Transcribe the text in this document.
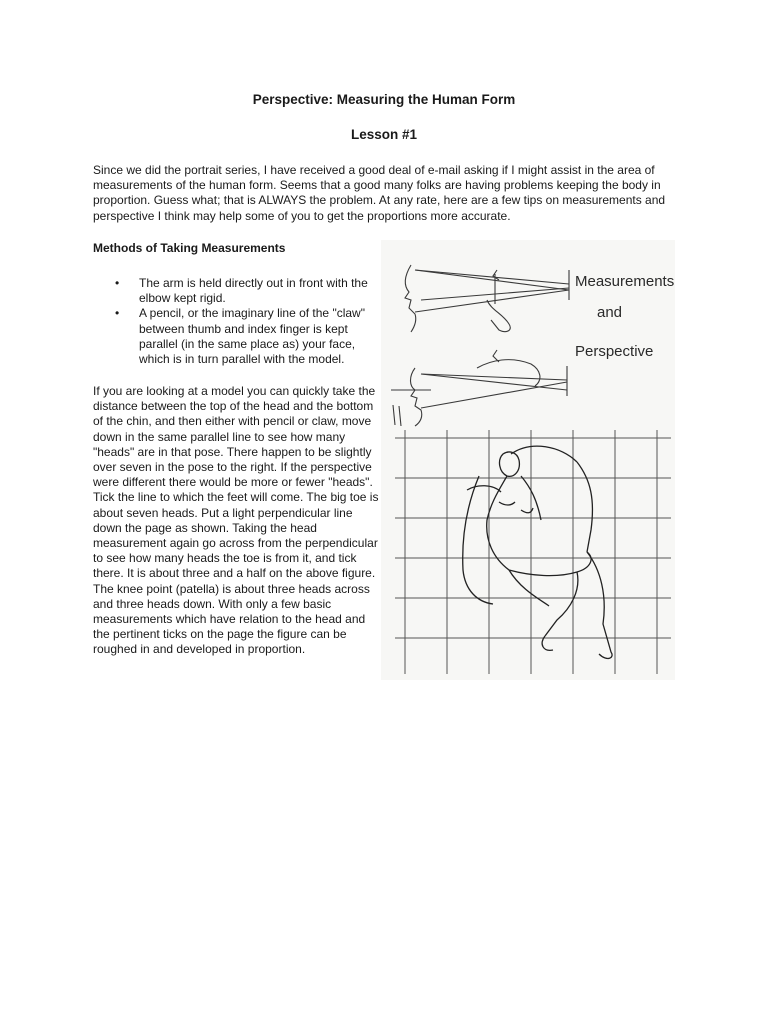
Perspective: Measuring the Human Form
Lesson #1

Since we did the portrait series, I have received a good deal of e-mail asking if I might assist in the area of measurements of the human form. Seems that a good many folks are having problems keeping the body in proportion. Guess what; that is ALWAYS the problem. At any rate, here are a few tips on measurements and perspective I think may help some of you to get the proportions more accurate.

Methods of Taking Measurements

• The arm is held directly out in front with the elbow kept rigid.
• A pencil, or the imaginary line of the "claw" between thumb and index finger is kept parallel (in the same place as) your face, which is in turn parallel with the model.

If you are looking at a model you can quickly take the distance between the top of the head and the bottom of the chin, and then either with pencil or claw, move down in the same parallel line to see how many "heads" are in that pose. There happen to be slightly over seven in the pose to the right. If the perspective were different there would be more or fewer "heads". Tick the line to which the feet will come. The big toe is about seven heads. Put a light perpendicular line down the page as shown. Taking the head measurement again go across from the perpendicular to see how many heads the toe is from it, and tick there. It is about three and a half on the above figure. The knee point (patella) is about three heads across and three heads down. With only a few basic measurements which have relation to the head and the pertinent ticks on the page the figure can be roughed in and developed in proportion.

Measurements
and
Perspective
